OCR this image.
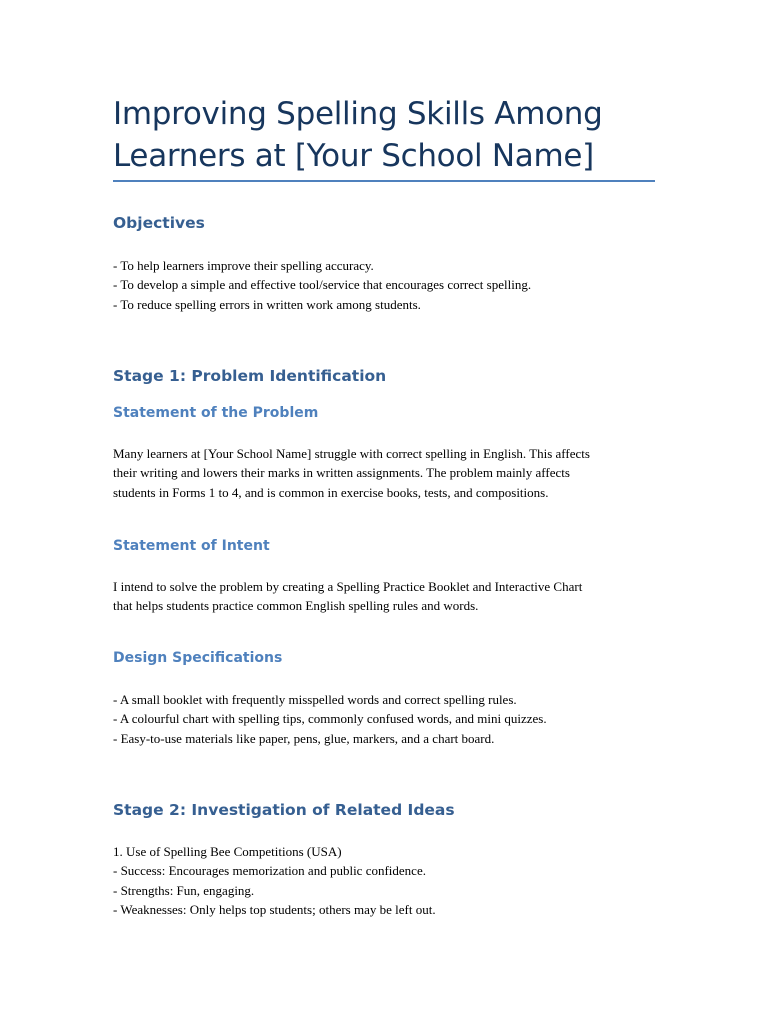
Improving Spelling Skills Among
Learners at [Your School Name]
Objectives
- To help learners improve their spelling accuracy.
- To develop a simple and effective tool/service that encourages correct spelling.
- To reduce spelling errors in written work among students.
Stage 1: Problem Identification
Statement of the Problem
Many learners at [Your School Name] struggle with correct spelling in English. This affects
their writing and lowers their marks in written assignments. The problem mainly affects
students in Forms 1 to 4, and is common in exercise books, tests, and compositions.
Statement of Intent
I intend to solve the problem by creating a Spelling Practice Booklet and Interactive Chart
that helps students practice common English spelling rules and words.
Design Specifications
- A small booklet with frequently misspelled words and correct spelling rules.
- A colourful chart with spelling tips, commonly confused words, and mini quizzes.
- Easy-to-use materials like paper, pens, glue, markers, and a chart board.
Stage 2: Investigation of Related Ideas
1. Use of Spelling Bee Competitions (USA)
- Success: Encourages memorization and public confidence.
- Strengths: Fun, engaging.
- Weaknesses: Only helps top students; others may be left out.
